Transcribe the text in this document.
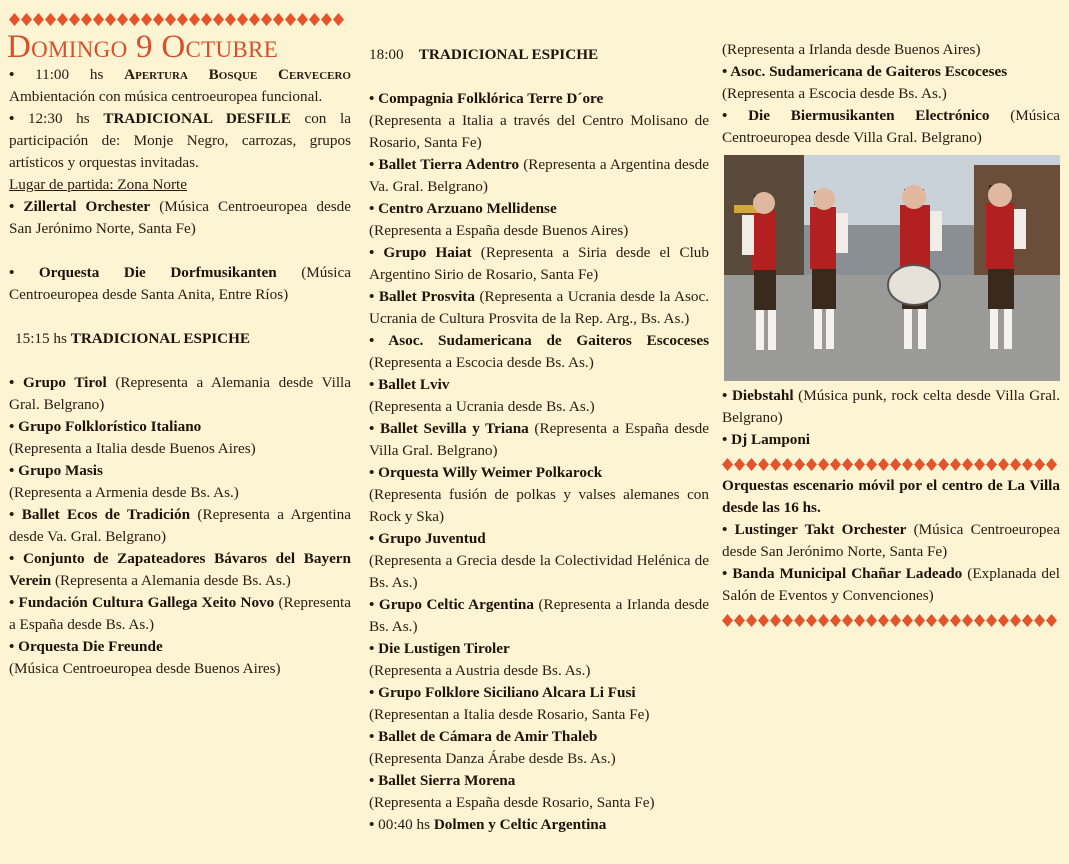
Domingo 9 Octubre

• 11:00 hs Apertura Bosque Cervecero Ambientación con música centroeuropea funcional.

• 12:30 hs TRADICIONAL DESFILE con la participación de: Monje Negro, carrozas, grupos artísticos y orquestas invitadas.

Lugar de partida: Zona Norte

• Zillertal Orchester (Música Centroeuropea desde San Jerónimo Norte, Santa Fe)

• Orquesta Die Dorfmusikanten (Música Centroeuropea desde Santa Anita, Entre Ríos)

15:15 hs TRADICIONAL ESPICHE

• Grupo Tirol (Representa a Alemania desde Villa Gral. Belgrano)

• Grupo Folklorístico Italiano
(Representa a Italia desde Buenos Aires)

• Grupo Masis
(Representa a Armenia desde Bs. As.)

• Ballet Ecos de Tradición (Representa a Argentina desde Va. Gral. Belgrano)

• Conjunto de Zapateadores Bávaros del Bayern Verein (Representa a Alemania desde Bs. As.)

• Fundación Cultura Gallega Xeito Novo (Representa a España desde Bs. As.)

• Orquesta Die Freunde
(Música Centroeuropea desde Buenos Aires)

18:00 TRADICIONAL ESPICHE

• Compagnia Folklórica Terre D´ore
(Representa a Italia a través del Centro Molisano de Rosario, Santa Fe)

• Ballet Tierra Adentro (Representa a Argentina desde Va. Gral. Belgrano)

• Centro Arzuano Mellidense
(Representa a España desde Buenos Aires)

• Grupo Haiat (Representa a Siria desde el Club Argentino Sirio de Rosario, Santa Fe)

• Ballet Prosvita (Representa a Ucrania desde la Asoc. Ucrania de Cultura Prosvita de la Rep. Arg., Bs. As.)

• Asoc. Sudamericana de Gaiteros Escoceses (Representa a Escocia desde Bs. As.)

• Ballet Lviv
(Representa a Ucrania desde Bs. As.)

• Ballet Sevilla y Triana (Representa a España desde Villa Gral. Belgrano)

• Orquesta Willy Weimer Polkarock
(Representa fusión de polkas y valses alemanes con Rock y Ska)

• Grupo Juventud
(Representa a Grecia desde la Colectividad Helénica de Bs. As.)

• Grupo Celtic Argentina (Representa a Irlanda desde Bs. As.)

• Die Lustigen Tiroler
(Representa a Austria desde Bs. As.)

• Grupo Folklore Siciliano Alcara Li Fusi
(Representan a Italia desde Rosario, Santa Fe)

• Ballet de Cámara de Amir Thaleb
(Representa Danza Árabe desde Bs. As.)

• Ballet Sierra Morena
(Representa a España desde Rosario, Santa Fe)

• 00:40 hs Dolmen y Celtic Argentina

(Representa a Irlanda desde Buenos Aires)

• Asoc. Sudamericana de Gaiteros Escoceses
(Representa a Escocia desde Bs. As.)

• Die Biermusikanten Electrónico (Música Centroeuropea desde Villa Gral. Belgrano)

• Diebstahl (Música punk, rock celta desde Villa Gral. Belgrano)

• Dj Lamponi

Orquestas escenario móvil por el centro de La Villa desde las 16 hs.

• Lustinger Takt Orchester (Música Centroeuropea desde San Jerónimo Norte, Santa Fe)

• Banda Municipal Chañar Ladeado (Explanada del Salón de Eventos y Convenciones)
